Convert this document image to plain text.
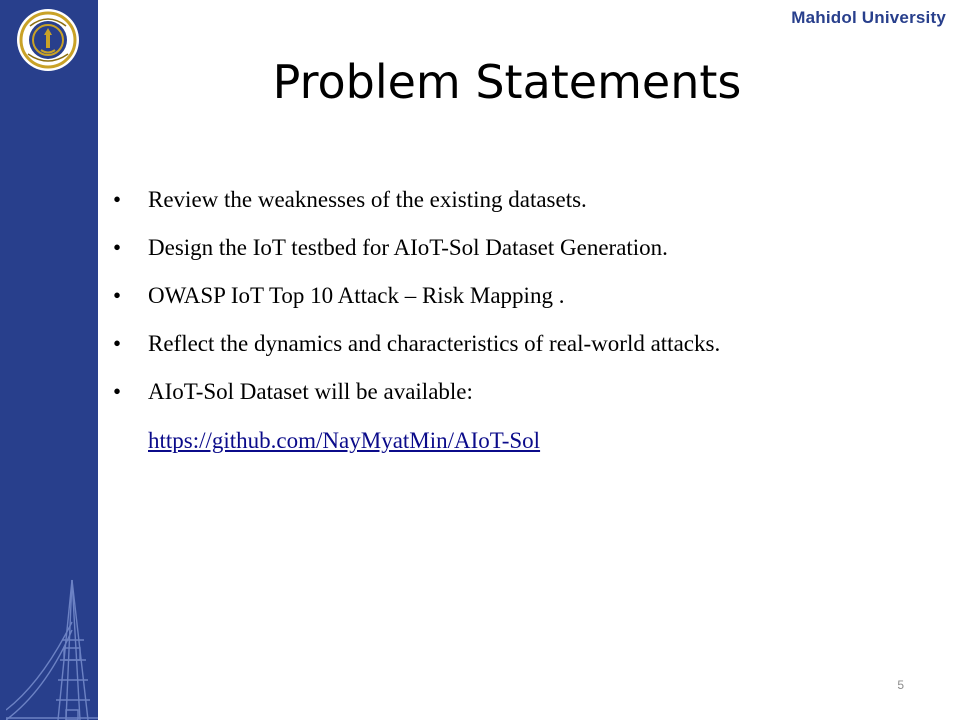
Mahidol University
Problem Statements
• Review the weaknesses of the existing datasets.
• Design the IoT testbed for AIoT-Sol Dataset Generation.
• OWASP IoT Top 10 Attack – Risk Mapping .
• Reflect the dynamics and characteristics of real-world attacks.
• AIoT-Sol Dataset will be available:
https://github.com/NayMyatMin/AIoT-Sol
5
